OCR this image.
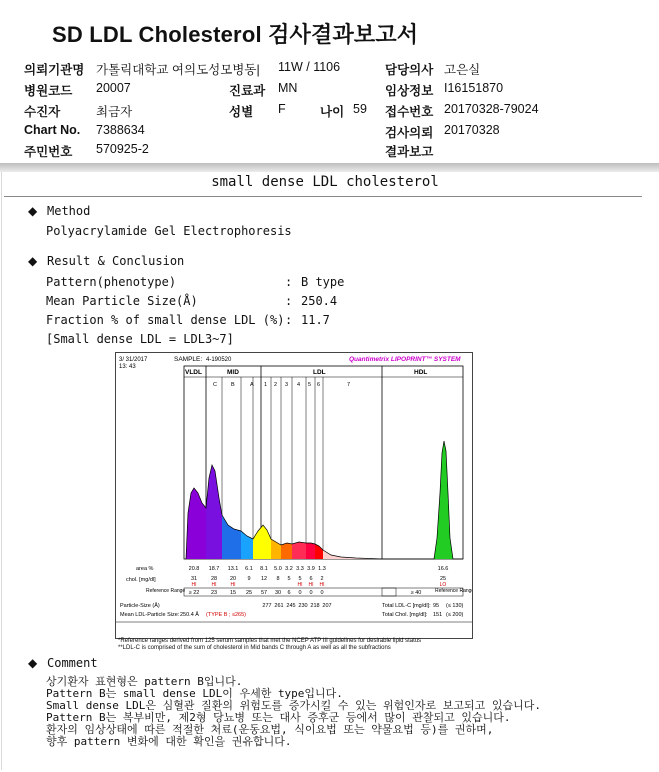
SD LDL Cholesterol 검사결과보고서
의뢰기관명 가톨릭대학교 여의도성모병동| 11W / 1106	담당의사 고은실
병원코드 20007	진료과 MN	임상정보 I16151870
수진자	최금자	성별 F	나이 59 접수번호 20170328-79024
Chart No. 7388634	검사의뢰 20170328
주민번호 570925-2	결과보고
small dense LDL cholesterol
◆ Method
Polyacrylamide Gel Electrophoresis
◆ Result & Conclusion
Pattern(phenotype)	: B type
Mean Particle Size(Å)	: 250.4
Fraction % of small dense LDL (%) : 11.7
[Small dense LDL = LDL3~7]
3/ 31/2017
13: 43
SAMPLE: 4-190520	Quantimetrix LIPOPRINT™ SYSTEM
VLDL	MID	LDL	HDL
C	B	A 1 2 3 4 5 6	7
area %
chol. [mg/dl]
20.8 18.7 13.1 6.1 8.1 5.0 3.2 3.3 3.9 1.3	16.6
31	28 20 9 12 8 5 5 6 2	25
HI	HI	HI	HI HI HI	LO
Reference Range	Reference Range
≥ 22 23 15 25 57 30 6 0 0 0	≥ 40
Particle-Size (Å)	277 261 245 230 218 207
Mean LDL-Particle Size: 250.4 Å (TYPE B ; ≤265)
Total LDL-C [mg/dl]: 95 (≤ 130)
Total Chol. [mg/dl]: 151 (≤ 200)
*Reference ranges derived from 125 serum samples that met the NCEP ATP III guidelines for desirable lipid status
**LDL-C is comprised of the sum of cholesterol in Mid bands C through A as well as all the subfractions
◆ Comment
상기환자 표현형은 pattern B입니다.
Pattern B는 small dense LDL이 우세한 type입니다.
Small dense LDL은 심혈관 질환의 위험도를 증가시킬 수 있는 위험인자로 보고되고 있습니다.
Pattern B는 복부비만, 제2형 당뇨병 또는 대사 증후군 등에서 많이 관찰되고 있습니다.
환자의 임상상태에 따른 적절한 처료(운동요법, 식이요법 또는 약물요법 등)를 권하며,
향후 pattern 변화에 대한 확인을 권유합니다.
